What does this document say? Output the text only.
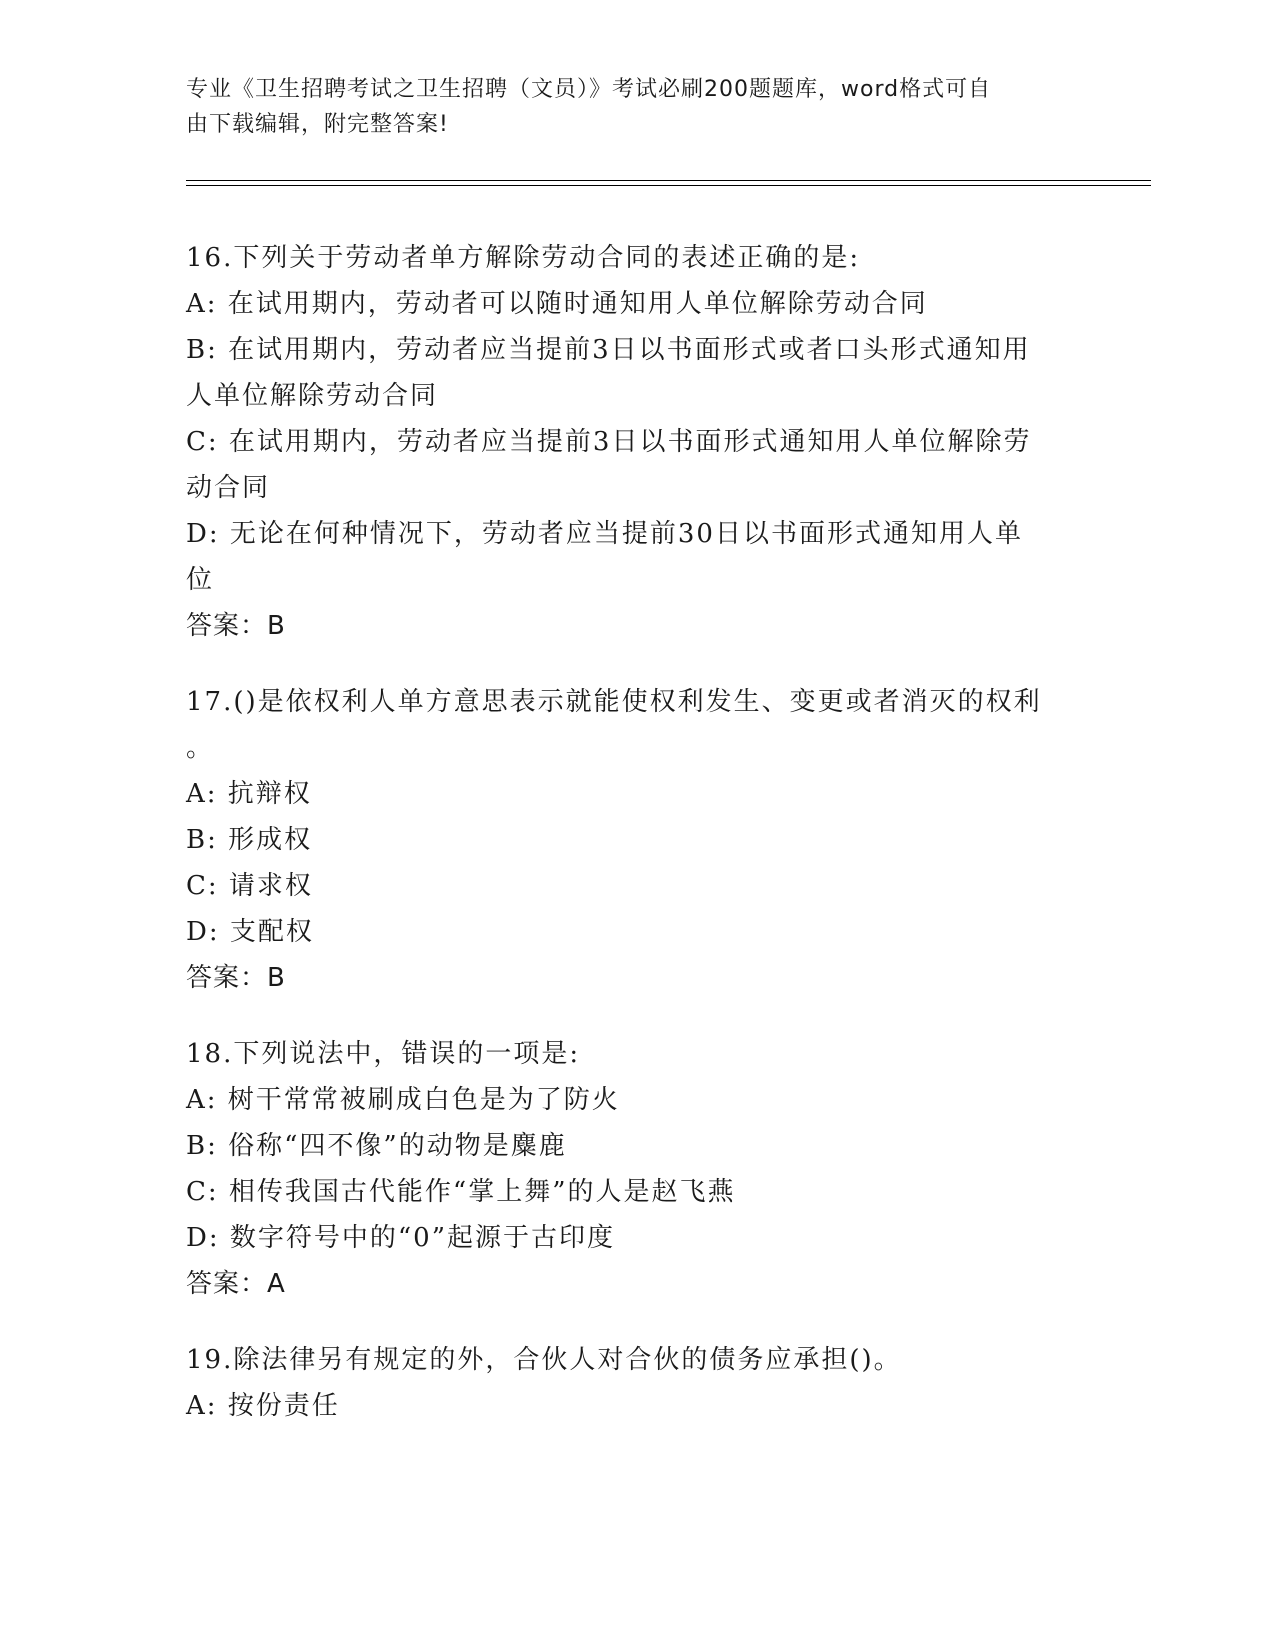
专业《卫生招聘考试之卫生招聘（文员）》考试必刷200题题库，word格式可自
由下载编辑，附完整答案!
16.下列关于劳动者单方解除劳动合同的表述正确的是:
A: 在试用期内，劳动者可以随时通知用人单位解除劳动合同
B: 在试用期内，劳动者应当提前3日以书面形式或者口头形式通知用
人单位解除劳动合同
C: 在试用期内，劳动者应当提前3日以书面形式通知用人单位解除劳
动合同
D: 无论在何种情况下，劳动者应当提前30日以书面形式通知用人单
位
答案：B
17.()是依权利人单方意思表示就能使权利发生、变更或者消灭的权利
。
A: 抗辩权
B: 形成权
C: 请求权
D: 支配权
答案：B
18.下列说法中，错误的一项是:
A: 树干常常被刷成白色是为了防火
B: 俗称“四不像”的动物是麋鹿
C: 相传我国古代能作“掌上舞”的人是赵飞燕
D: 数字符号中的“0”起源于古印度
答案：A
19.除法律另有规定的外，合伙人对合伙的债务应承担()。
A: 按份责任
